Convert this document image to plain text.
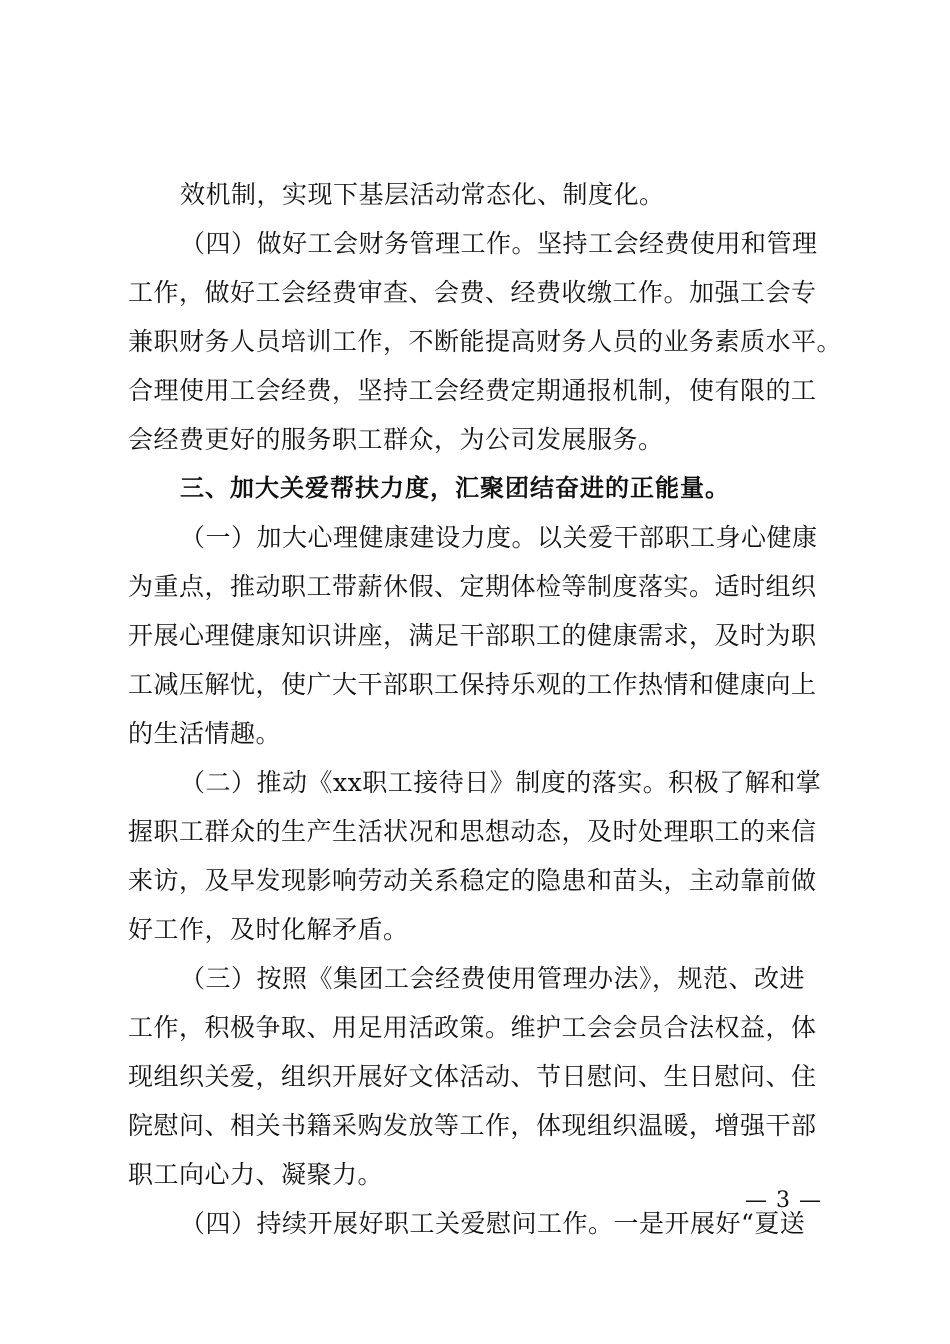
效机制，实现下基层活动常态化、制度化。
（四）做好工会财务管理工作。坚持工会经费使用和管理
工作，做好工会经费审查、会费、经费收缴工作。加强工会专
兼职财务人员培训工作，不断能提高财务人员的业务素质水平。
合理使用工会经费，坚持工会经费定期通报机制，使有限的工
会经费更好的服务职工群众，为公司发展服务。
三、加大关爱帮扶力度，汇聚团结奋进的正能量。
（一）加大心理健康建设力度。以关爱干部职工身心健康
为重点，推动职工带薪休假、定期体检等制度落实。适时组织
开展心理健康知识讲座，满足干部职工的健康需求，及时为职
工减压解忧，使广大干部职工保持乐观的工作热情和健康向上
的生活情趣。
（二）推动《xx职工接待日》制度的落实。积极了解和掌
握职工群众的生产生活状况和思想动态，及时处理职工的来信
来访，及早发现影响劳动关系稳定的隐患和苗头，主动靠前做
好工作，及时化解矛盾。
（三）按照《集团工会经费使用管理办法》，规范、改进
工作，积极争取、用足用活政策。维护工会会员合法权益，体
现组织关爱，组织开展好文体活动、节日慰问、生日慰问、住
院慰问、相关书籍采购发放等工作，体现组织温暖，增强干部
职工向心力、凝聚力。
（四）持续开展好职工关爱慰问工作。一是开展好“夏送
— 3 —
